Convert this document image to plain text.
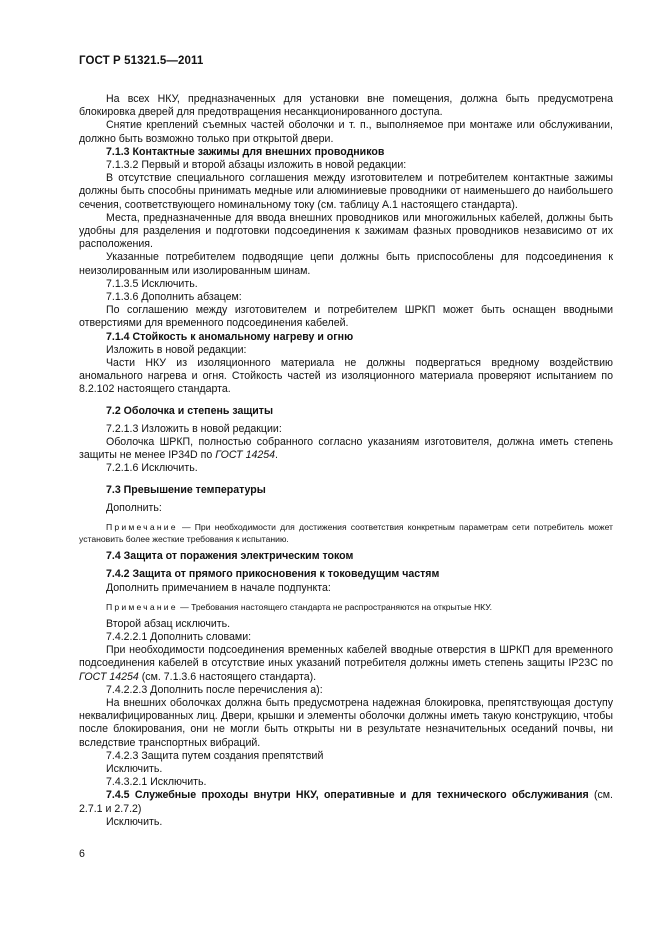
ГОСТ Р 51321.5—2011

На всех НКУ, предназначенных для установки вне помещения, должна быть предусмотрена блокировка дверей для предотвращения несанкционированного доступа.

Снятие креплений съемных частей оболочки и т. п., выполняемое при монтаже или обслуживании, должно быть возможно только при открытой двери.

7.1.3 Контактные зажимы для внешних проводников

7.1.3.2 Первый и второй абзацы изложить в новой редакции:

В отсутствие специального соглашения между изготовителем и потребителем контактные зажимы должны быть способны принимать медные или алюминиевые проводники от наименьшего до наибольшего сечения, соответствующего номинальному току (см. таблицу А.1 настоящего стандарта).

Места, предназначенные для ввода внешних проводников или многожильных кабелей, должны быть удобны для разделения и подготовки подсоединения к зажимам фазных проводников независимо от их расположения.

Указанные потребителем подводящие цепи должны быть приспособлены для подсоединения к неизолированным или изолированным шинам.

7.1.3.5 Исключить.

7.1.3.6 Дополнить абзацем:

По соглашению между изготовителем и потребителем ШРКП может быть оснащен вводными отверстиями для временного подсоединения кабелей.

7.1.4 Стойкость к аномальному нагреву и огню

Изложить в новой редакции:

Части НКУ из изоляционного материала не должны подвергаться вредному воздействию аномального нагрева и огня. Стойкость частей из изоляционного материала проверяют испытанием по 8.2.102 настоящего стандарта.

7.2 Оболочка и степень защиты

7.2.1.3 Изложить в новой редакции:

Оболочка ШРКП, полностью собранного согласно указаниям изготовителя, должна иметь степень защиты не менее IP34D по ГОСТ 14254.

7.2.1.6 Исключить.

7.3 Превышение температуры

Дополнить:

Примечание — При необходимости для достижения соответствия конкретным параметрам сети потребитель может установить более жесткие требования к испытанию.

7.4 Защита от поражения электрическим током

7.4.2 Защита от прямого прикосновения к токоведущим частям

Дополнить примечанием в начале подпункта:

Примечание — Требования настоящего стандарта не распространяются на открытые НКУ.

Второй абзац исключить.

7.4.2.2.1 Дополнить словами:

При необходимости подсоединения временных кабелей вводные отверстия в ШРКП для временного подсоединения кабелей в отсутствие иных указаний потребителя должны иметь степень защиты IP23C по ГОСТ 14254 (см. 7.1.3.6 настоящего стандарта).

7.4.2.2.3 Дополнить после перечисления а):

На внешних оболочках должна быть предусмотрена надежная блокировка, препятствующая доступу неквалифицированных лиц. Двери, крышки и элементы оболочки должны иметь такую конструкцию, чтобы после блокирования, они не могли быть открыты ни в результате незначительных оседаний почвы, ни вследствие транспортных вибраций.

7.4.2.3 Защита путем создания препятствий

Исключить.

7.4.3.2.1 Исключить.

7.4.5 Служебные проходы внутри НКУ, оперативные и для технического обслуживания (см. 2.7.1 и 2.7.2)

Исключить.

6
